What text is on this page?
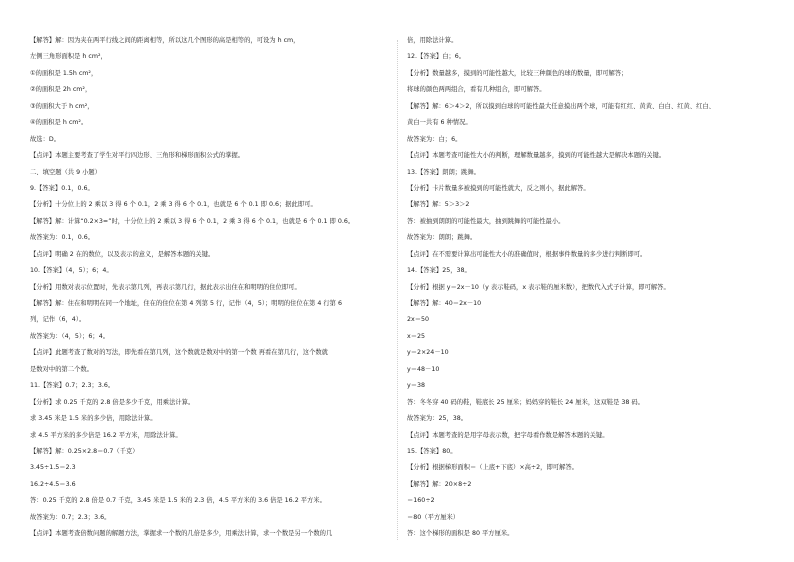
【解答】解：因为夹在两平行线之间的距离相等，所以这几个图形的高是相等的，可设为 h cm，
左侧三角形面积是 h cm²，
①的面积是 1.5h cm²，
②的面积是 2h cm²，
③的面积大于 h cm²，
④的面积是 h cm²。
故选：D。
【点评】本题主要考查了学生对平行四边形、三角形和梯形面积公式的掌握。
二、填空题（共 9 小题）
9.【答案】0.1，0.6。
【分析】十分位上的 2 乘以 3 得 6 个 0.1，2 乘 3 得 6 个 0.1，也就是 6 个 0.1 即 0.6；据此即可。
【解答】解：计算“0.2×3=”时，十分位上的 2 乘以 3 得 6 个 0.1，2 乘 3 得 6 个 0.1，也就是 6 个 0.1 即 0.6。
故答案为：0.1，0.6。
【点评】明确 2 在的数位，以及表示的意义，是解答本题的关键。
10.【答案】（4，5）；6；4。
【分析】用数对表示位置时，先表示第几列，再表示第几行，据此表示出住在和明明的住位即可。
【解答】解：住在和明明在同一个地址，住在的住位在第 4 列第 5 行，记作（4，5）；明明的住位在第 4 行第 6
列，记作（6，4）。
故答案为：（4，5）；6；4。
【点评】此题考查了数对的写法，即先看在第几列，这个数就是数对中的第一个数 再看在第几行，这个数就
是数对中的第二个数。
11.【答案】0.7；2.3；3.6。
【分析】求 0.25 千克的 2.8 倍是多少千克，用乘法计算。
求 3.45 米是 1.5 米的多少倍，用除法计算。
求 4.5 平方米的多少倍是 16.2 平方米，用除法计算。
【解答】解：0.25×2.8＝0.7（千克）
3.45÷1.5＝2.3
16.2÷4.5＝3.6
答：0.25 千克的 2.8 倍是 0.7 千克，3.45 米是 1.5 米的 2.3 倍，4.5 平方米的 3.6 倍是 16.2 平方米。
故答案为：0.7；2.3；3.6。
【点评】本题考查倍数问题的解题方法，掌握求一个数的几倍是多少，用乘法计算，求一个数是另一个数的几
倍，用除法计算。
12.【答案】白；6。
【分析】数量越多，摸到的可能性越大，比较三种颜色的球的数量，即可解答；
将球的颜色两两组合，看有几种组合，即可解答。
【解答】解：6＞4＞2，所以摸到白球的可能性最大任意摸出两个球，可能有红红、黄黄、白白、红黄、红白、
黄白一共有 6 种情况。
故答案为：白；6。
【点评】本题考查可能性大小的判断，理解数量越多，摸到的可能性越大是解决本题的关键。
13.【答案】朗朗；跳舞。
【分析】卡片数量多被摸到的可能性就大，反之则小，据此解答。
【解答】解：5＞3＞2
答：被抽到朗朗的可能性最大，抽到跳舞的可能性最小。
故答案为：朗朗；跳舞。
【点评】在不需要计算出可能性大小的准确值时，根据事件数量的多少进行判断即可。
14.【答案】25，38。
【分析】根据 y＝2x－10（y 表示鞋码，x 表示鞋的厘米数），把数代入式子计算，即可解答。
【解答】解：40＝2x－10
2x＝50
x＝25
y＝2×24－10
y＝48－10
y＝38
答：冬冬穿 40 码的鞋，鞋底长 25 厘米；妈妈穿的鞋长 24 厘米，这双鞋是 38 码。
故答案为：25，38。
【点评】本题考查的是用字母表示数，把字母看作数是解答本题的关键。
15.【答案】80。
【分析】根据梯形面积＝（上底+下底）×高÷2，即可解答。
【解答】解：20×8÷2
＝160÷2
＝80（平方厘米）
答：这个梯形的面积是 80 平方厘米。
